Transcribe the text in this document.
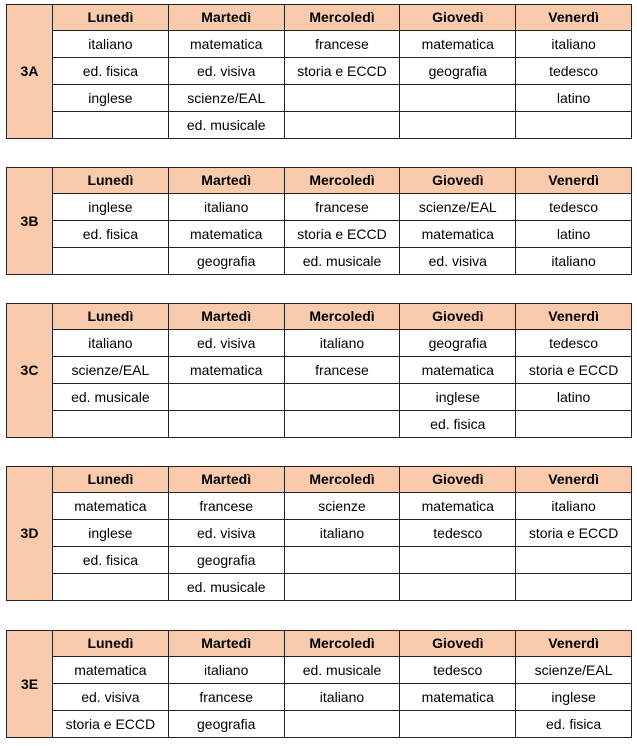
3A	Lunedì	Martedì	Mercoledì	Giovedì	Venerdì
	italiano	matematica	francese	matematica	italiano
	ed. fisica	ed. visiva	storia e ECCD	geografia	tedesco
	inglese	scienze/EAL			latino
		ed. musicale			
3B	Lunedì	Martedì	Mercoledì	Giovedì	Venerdì
	inglese	italiano	francese	scienze/EAL	tedesco
	ed. fisica	matematica	storia e ECCD	matematica	latino
		geografia	ed. musicale	ed. visiva	italiano
3C	Lunedì	Martedì	Mercoledì	Giovedì	Venerdì
	italiano	ed. visiva	italiano	geografia	tedesco
	scienze/EAL	matematica	francese	matematica	storia e ECCD
	ed. musicale			inglese	latino
				ed. fisica	
3D	Lunedì	Martedì	Mercoledì	Giovedì	Venerdì
	matematica	francese	scienze	matematica	italiano
	inglese	ed. visiva	italiano	tedesco	storia e ECCD
	ed. fisica	geografia			
		ed. musicale			
3E	Lunedì	Martedì	Mercoledì	Giovedì	Venerdì
	matematica	italiano	ed. musicale	tedesco	scienze/EAL
	ed. visiva	francese	italiano	matematica	inglese
	storia e ECCD	geografia			ed. fisica
